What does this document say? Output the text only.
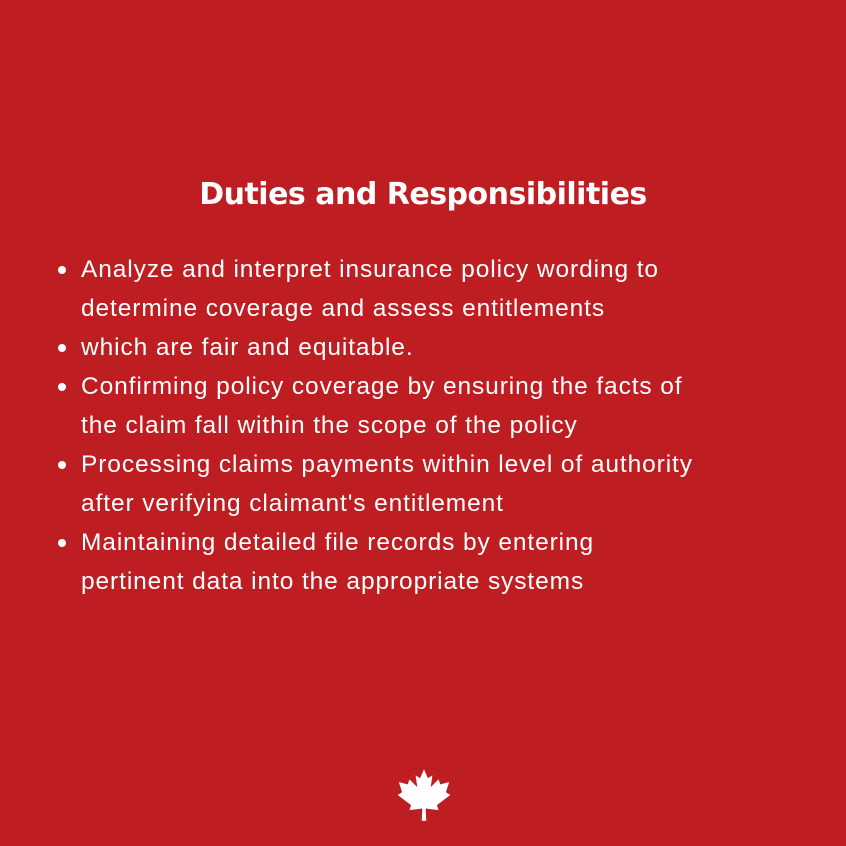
Duties and Responsibilities
Analyze and interpret insurance policy wording to
determine coverage and assess entitlements
which are fair and equitable.
Confirming policy coverage by ensuring the facts of
the claim fall within the scope of the policy
Processing claims payments within level of authority
after verifying claimant's entitlement
Maintaining detailed file records by entering
pertinent data into the appropriate systems
